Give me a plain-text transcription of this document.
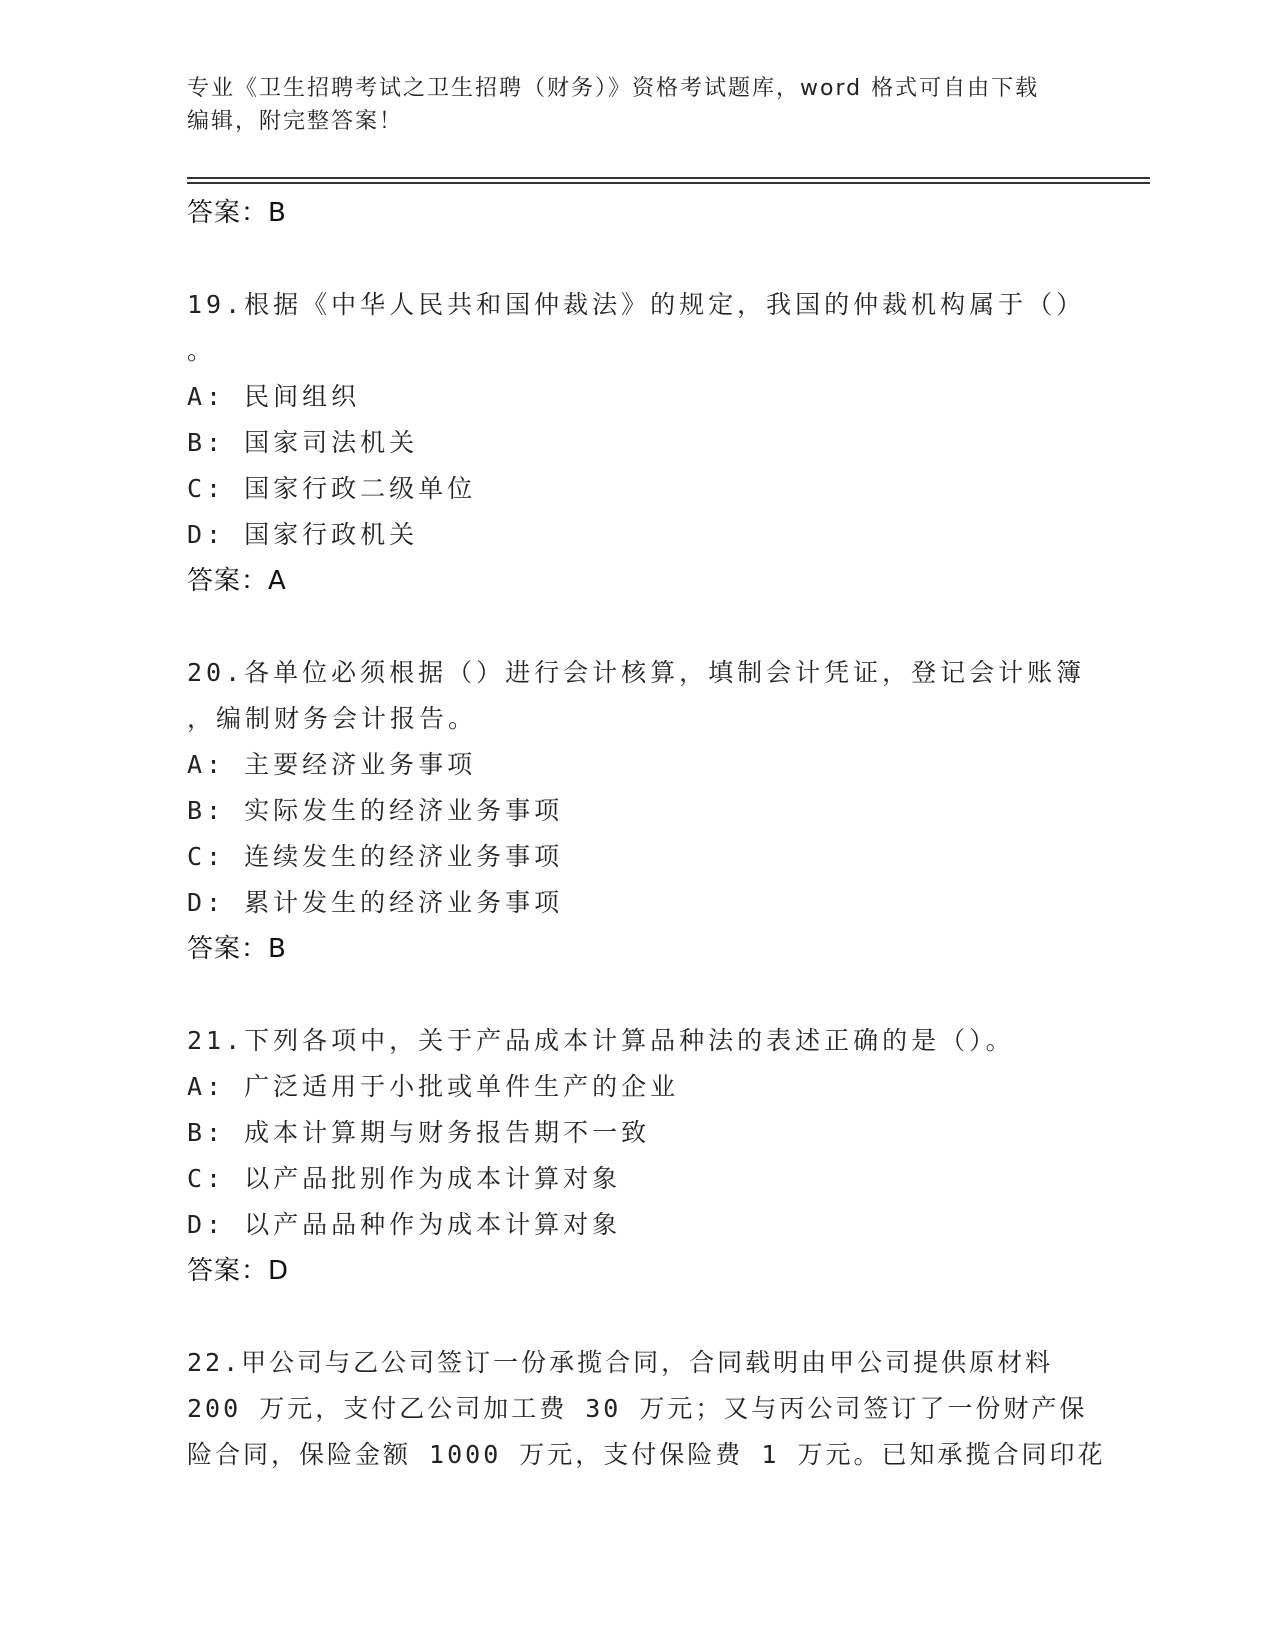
专业《卫生招聘考试之卫生招聘（财务）》资格考试题库，word 格式可自由下载
编辑，附完整答案！
答案：B
19.根据《中华人民共和国仲裁法》的规定，我国的仲裁机构属于（）
。
A: 民间组织
B: 国家司法机关
C: 国家行政二级单位
D: 国家行政机关
答案：A
20.各单位必须根据（）进行会计核算，填制会计凭证，登记会计账簿
，编制财务会计报告。
A: 主要经济业务事项
B: 实际发生的经济业务事项
C: 连续发生的经济业务事项
D: 累计发生的经济业务事项
答案：B
21.下列各项中，关于产品成本计算品种法的表述正确的是（）。
A: 广泛适用于小批或单件生产的企业
B: 成本计算期与财务报告期不一致
C: 以产品批别作为成本计算对象
D: 以产品品种作为成本计算对象
答案：D
22.甲公司与乙公司签订一份承揽合同，合同载明由甲公司提供原材料
200 万元，支付乙公司加工费 30 万元；又与丙公司签订了一份财产保
险合同，保险金额 1000 万元，支付保险费 1 万元。已知承揽合同印花
